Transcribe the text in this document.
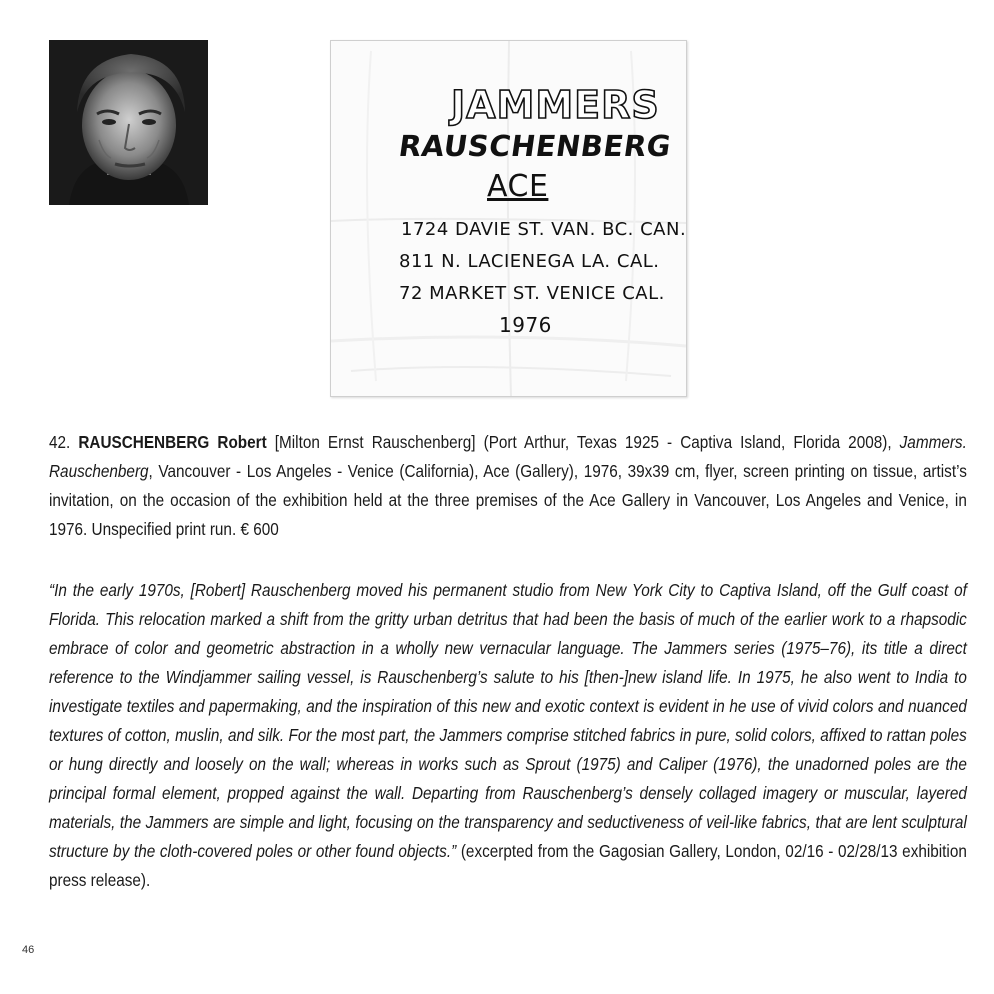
JAMMERS
RAUSCHENBERG
ACE
1724 DAVIE ST. VAN. BC. CAN.
811 N. LACIENEGA LA. CAL.
72 MARKET ST. VENICE CAL.
1976
42. RAUSCHENBERG Robert [Milton Ernst Rauschenberg] (Port Arthur, Texas 1925 - Captiva Island, Florida 2008), Jammers. Rauschenberg, Vancouver - Los Angeles - Venice (California), Ace (Gallery), 1976, 39x39 cm, flyer, screen printing on tissue, artist’s invitation, on the occasion of the exhibition held at the three premises of the Ace Gallery in Vancouver, Los Angeles and Venice, in 1976. Unspecified print run. € 600
“In the early 1970s, [Robert] Rauschenberg moved his permanent studio from New York City to Captiva Island, off the Gulf coast of Florida. This relocation marked a shift from the gritty urban detritus that had been the basis of much of the earlier work to a rhapsodic embrace of color and geometric abstraction in a wholly new vernacular language. The Jammers series (1975–76), its title a direct reference to the Windjammer sailing vessel, is Rauschenberg’s salute to his [then-]new island life. In 1975, he also went to India to investigate textiles and papermaking, and the inspiration of this new and exotic context is evident in he use of vivid colors and nuanced textures of cotton, muslin, and silk. For the most part, the Jammers comprise stitched fabrics in pure, solid colors, affixed to rattan poles or hung directly and loosely on the wall; whereas in works such as Sprout (1975) and Caliper (1976), the unadorned poles are the principal formal element, propped against the wall. Departing from Rauschenberg’s densely collaged imagery or muscular, layered materials, the Jammers are simple and light, focusing on the transparency and seductiveness of veil-like fabrics, that are lent sculptural structure by the cloth-covered poles or other found objects.” (excerpted from the Gagosian Gallery, London, 02/16 - 02/28/13 exhibition press release).
46
